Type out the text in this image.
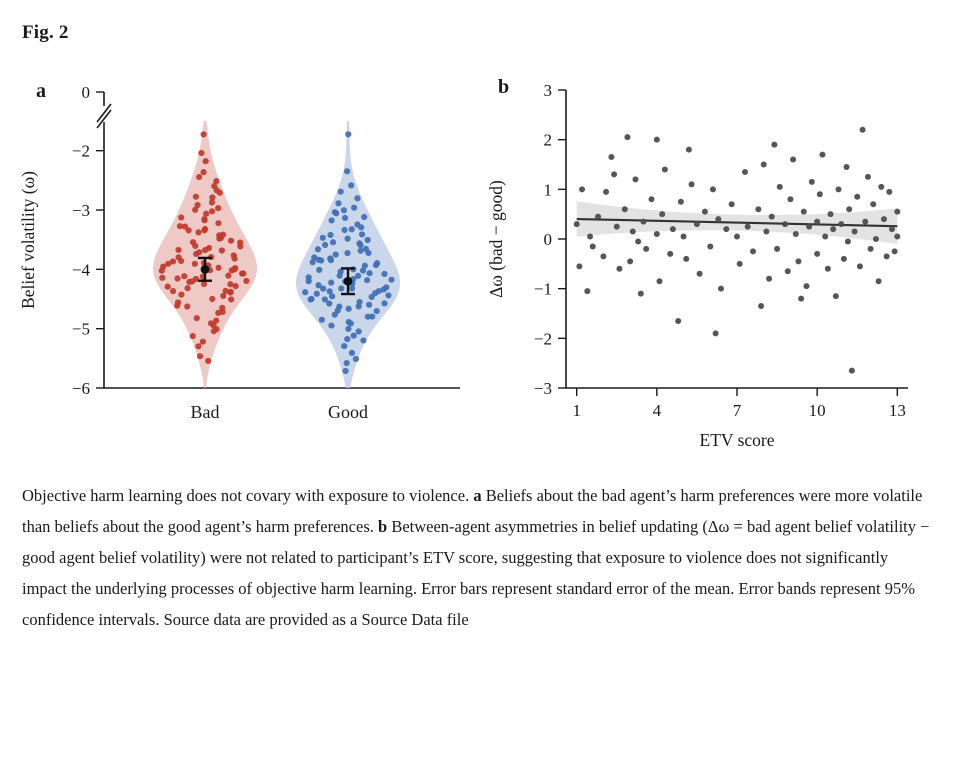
Fig. 2
a 0
−2
−3
−4
−5
−6
Belief volatility (ω)
Bad	Good
b 3
2
1
0
−1
−2
−3
1	4	7	10	13
ETV score
Δω (bad − good)
Objective harm learning does not covary with exposure to violence. a Beliefs about the bad agent’s harm preferences were more volatile than beliefs about the good agent’s harm preferences. b Between-agent asymmetries in belief updating (Δω = bad agent belief volatility − good agent belief volatility) were not related to participant’s ETV score, suggesting that exposure to violence does not significantly impact the underlying processes of objective harm learning. Error bars represent standard error of the mean. Error bands represent 95% confidence intervals. Source data are provided as a Source Data file
